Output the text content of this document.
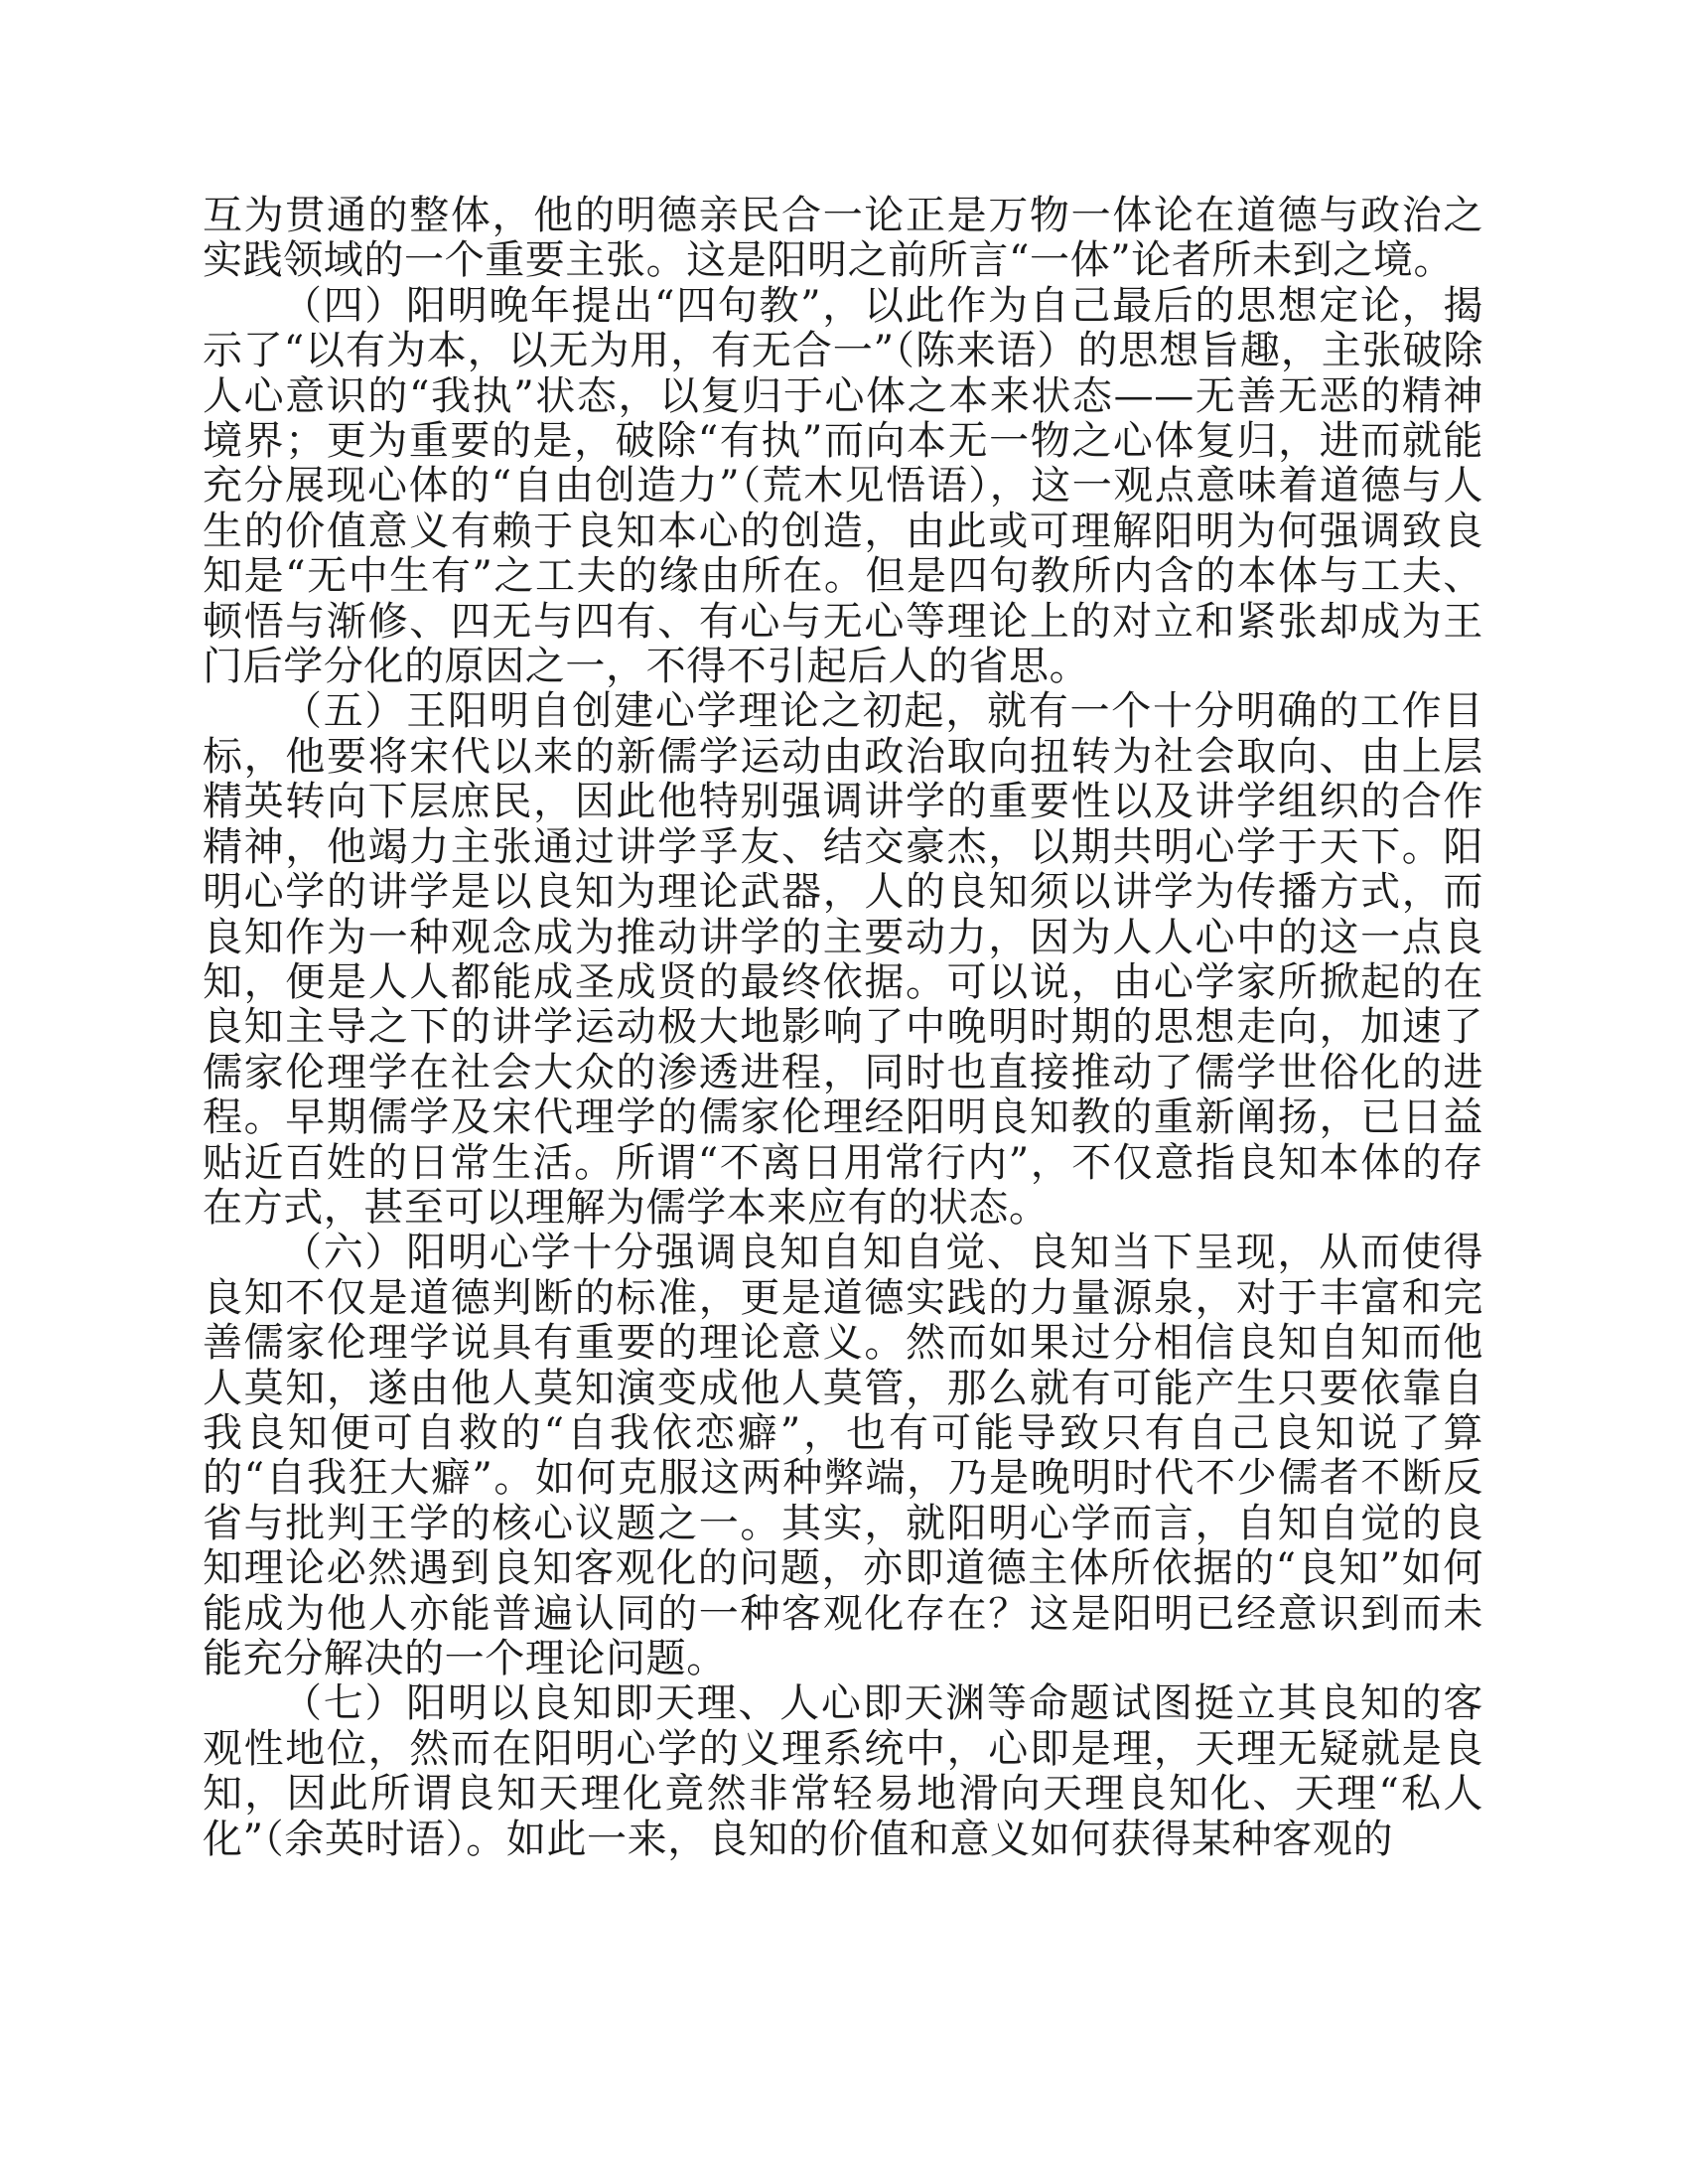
互为贯通的整体，他的明德亲民合一论正是万物一体论在道德与政治之实践领域的一个重要主张。这是阳明之前所言“一体”论者所未到之境。

（四）阳明晚年提出“四句教”，以此作为自己最后的思想定论，揭示了“以有为本，以无为用，有无合一”（陈来语）的思想旨趣，主张破除人心意识的“我执”状态，以复归于心体之本来状态——无善无恶的精神境界；更为重要的是，破除“有执”而向本无一物之心体复归，进而就能充分展现心体的“自由创造力”（荒木见悟语），这一观点意味着道德与人生的价值意义有赖于良知本心的创造，由此或可理解阳明为何强调致良知是“无中生有”之工夫的缘由所在。但是四句教所内含的本体与工夫、顿悟与渐修、四无与四有、有心与无心等理论上的对立和紧张却成为王门后学分化的原因之一，不得不引起后人的省思。

（五）王阳明自创建心学理论之初起，就有一个十分明确的工作目标，他要将宋代以来的新儒学运动由政治取向扭转为社会取向、由上层精英转向下层庶民，因此他特别强调讲学的重要性以及讲学组织的合作精神，他竭力主张通过讲学孚友、结交豪杰，以期共明心学于天下。阳明心学的讲学是以良知为理论武器，人的良知须以讲学为传播方式，而良知作为一种观念成为推动讲学的主要动力，因为人人心中的这一点良知，便是人人都能成圣成贤的最终依据。可以说，由心学家所掀起的在良知主导之下的讲学运动极大地影响了中晚明时期的思想走向，加速了儒家伦理学在社会大众的渗透进程，同时也直接推动了儒学世俗化的进程。早期儒学及宋代理学的儒家伦理经阳明良知教的重新阐扬，已日益贴近百姓的日常生活。所谓“不离日用常行内”，不仅意指良知本体的存在方式，甚至可以理解为儒学本来应有的状态。

（六）阳明心学十分强调良知自知自觉、良知当下呈现，从而使得良知不仅是道德判断的标准，更是道德实践的力量源泉，对于丰富和完善儒家伦理学说具有重要的理论意义。然而如果过分相信良知自知而他人莫知，遂由他人莫知演变成他人莫管，那么就有可能产生只要依靠自我良知便可自救的“自我依恋癖”，也有可能导致只有自己良知说了算的“自我狂大癖”。如何克服这两种弊端，乃是晚明时代不少儒者不断反省与批判王学的核心议题之一。其实，就阳明心学而言，自知自觉的良知理论必然遇到良知客观化的问题，亦即道德主体所依据的“良知”如何能成为他人亦能普遍认同的一种客观化存在？这是阳明已经意识到而未能充分解决的一个理论问题。

（七）阳明以良知即天理、人心即天渊等命题试图挺立其良知的客观性地位，然而在阳明心学的义理系统中，心即是理，天理无疑就是良知，因此所谓良知天理化竟然非常轻易地滑向天理良知化、天理“私人化”（余英时语）。如此一来，良知的价值和意义如何获得某种客观的
